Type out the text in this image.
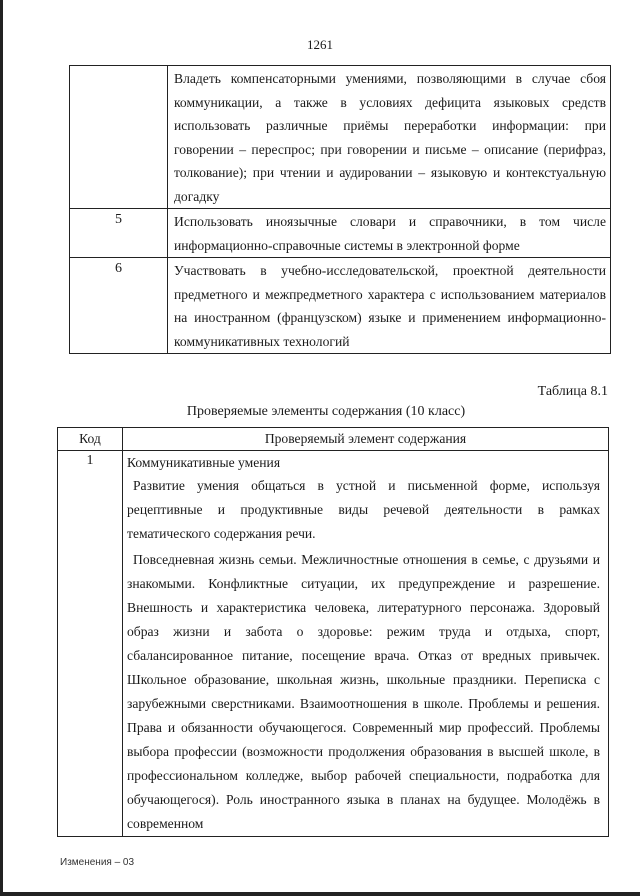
1261
	Владеть компенсаторными умениями, позволяющими в случае сбоя коммуникации, а также в условиях дефицита языковых средств использовать различные приёмы переработки информации: при говорении – переспрос; при говорении и письме – описание (перифраз, толкование); при чтении и аудировании – языковую и контекстуальную догадку
5	Использовать иноязычные словари и справочники, в том числе информационно-справочные системы в электронной форме
6	Участвовать в учебно-исследовательской, проектной деятельности предметного и межпредметного характера с использованием материалов на иностранном (французском) языке и применением информационно-коммуникативных технологий
Таблица 8.1
Проверяемые элементы содержания (10 класс)
Код	Проверяемый элемент содержания
1	Коммуникативные умения

Развитие умения общаться в устной и письменной форме, используя рецептивные и продуктивные виды речевой деятельности в рамках тематического содержания речи.

Повседневная жизнь семьи. Межличностные отношения в семье, с друзьями и знакомыми. Конфликтные ситуации, их предупреждение и разрешение. Внешность и характеристика человека, литературного персонажа. Здоровый образ жизни и забота о здоровье: режим труда и отдыха, спорт, сбалансированное питание, посещение врача. Отказ от вредных привычек. Школьное образование, школьная жизнь, школьные праздники. Переписка с зарубежными сверстниками. Взаимоотношения в школе. Проблемы и решения. Права и обязанности обучающегося. Современный мир профессий. Проблемы выбора профессии (возможности продолжения образования в высшей школе, в профессиональном колледже, выбор рабочей специальности, подработка для обучающегося). Роль иностранного языка в планах на будущее. Молодёжь в современном

Изменения – 03
